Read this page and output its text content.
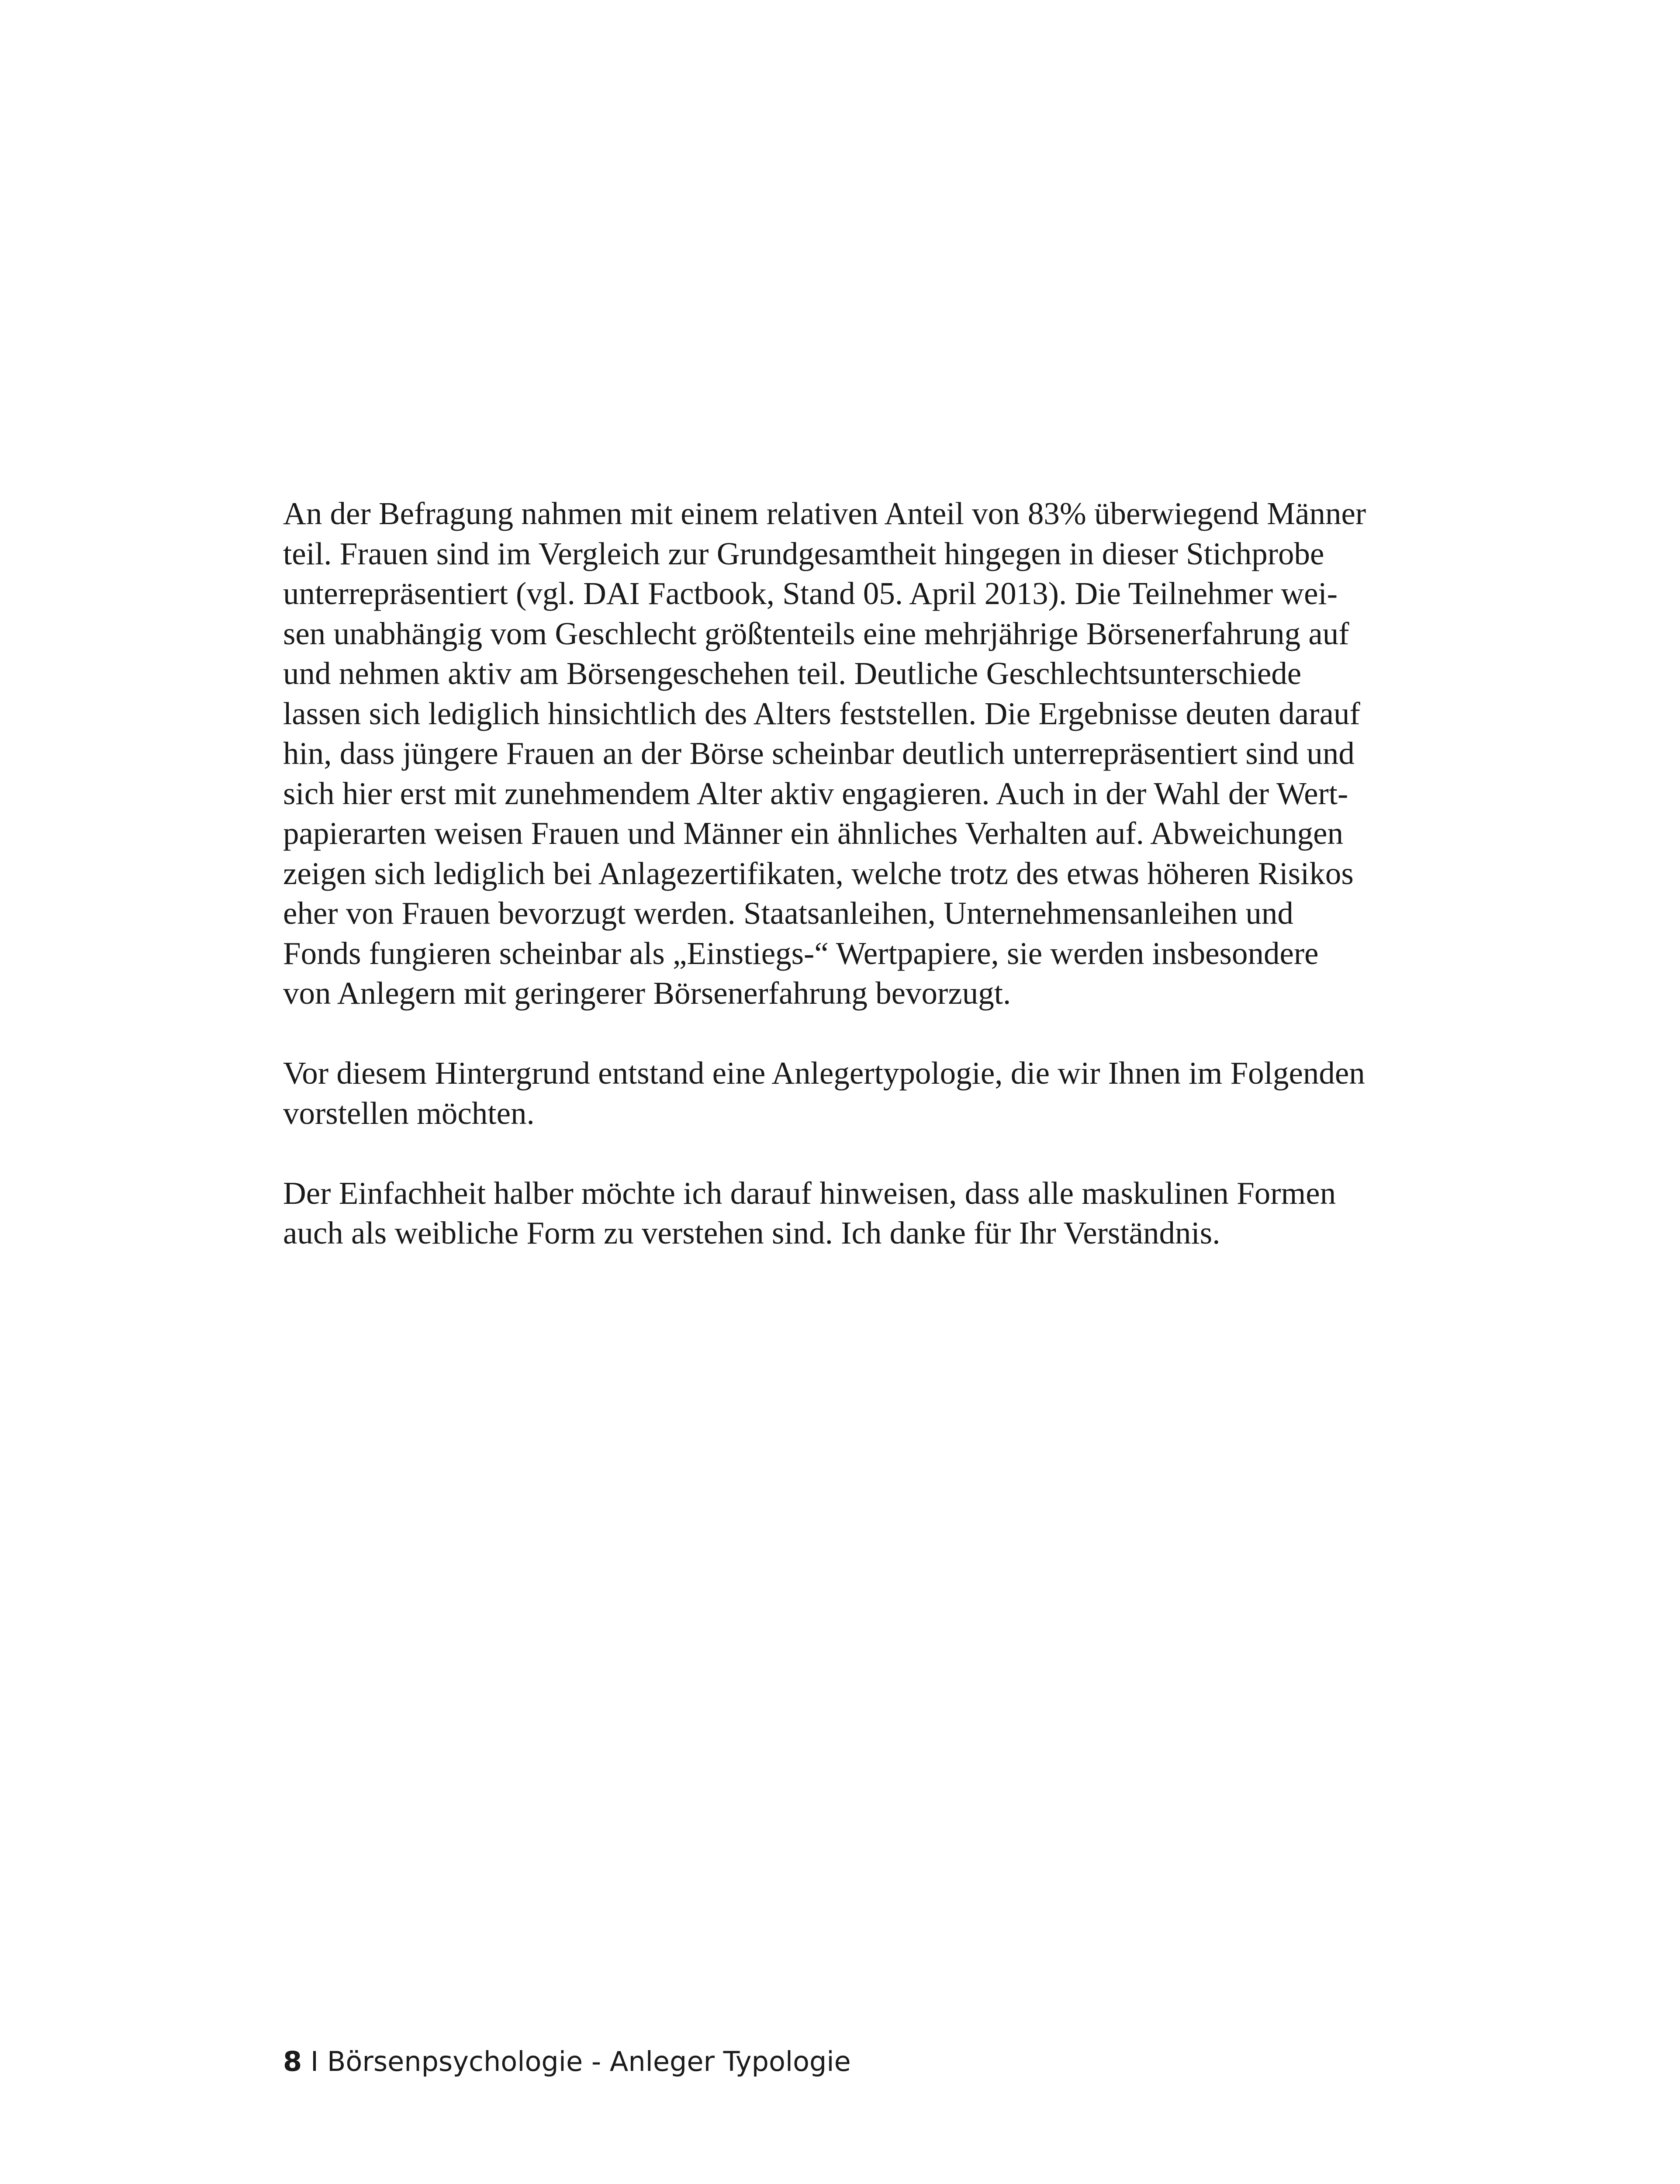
An der Befragung nahmen mit einem relativen Anteil von 83% überwiegend Männer
teil. Frauen sind im Vergleich zur Grundgesamtheit hingegen in dieser Stichprobe
unterrepräsentiert (vgl. DAI Factbook, Stand 05. April 2013). Die Teilnehmer wei-
sen unabhängig vom Geschlecht größtenteils eine mehrjährige Börsenerfahrung auf
und nehmen aktiv am Börsengeschehen teil. Deutliche Geschlechtsunterschiede
lassen sich lediglich hinsichtlich des Alters feststellen. Die Ergebnisse deuten darauf
hin, dass jüngere Frauen an der Börse scheinbar deutlich unterrepräsentiert sind und
sich hier erst mit zunehmendem Alter aktiv engagieren. Auch in der Wahl der Wert-
papierarten weisen Frauen und Männer ein ähnliches Verhalten auf. Abweichungen
zeigen sich lediglich bei Anlagezertifikaten, welche trotz des etwas höheren Risikos
eher von Frauen bevorzugt werden. Staatsanleihen, Unternehmensanleihen und
Fonds fungieren scheinbar als „Einstiegs-“ Wertpapiere, sie werden insbesondere
von Anlegern mit geringerer Börsenerfahrung bevorzugt.
Vor diesem Hintergrund entstand eine Anlegertypologie, die wir Ihnen im Folgenden
vorstellen möchten.
Der Einfachheit halber möchte ich darauf hinweisen, dass alle maskulinen Formen
auch als weibliche Form zu verstehen sind. Ich danke für Ihr Verständnis.
8 I Börsenpsychologie - Anleger Typologie
